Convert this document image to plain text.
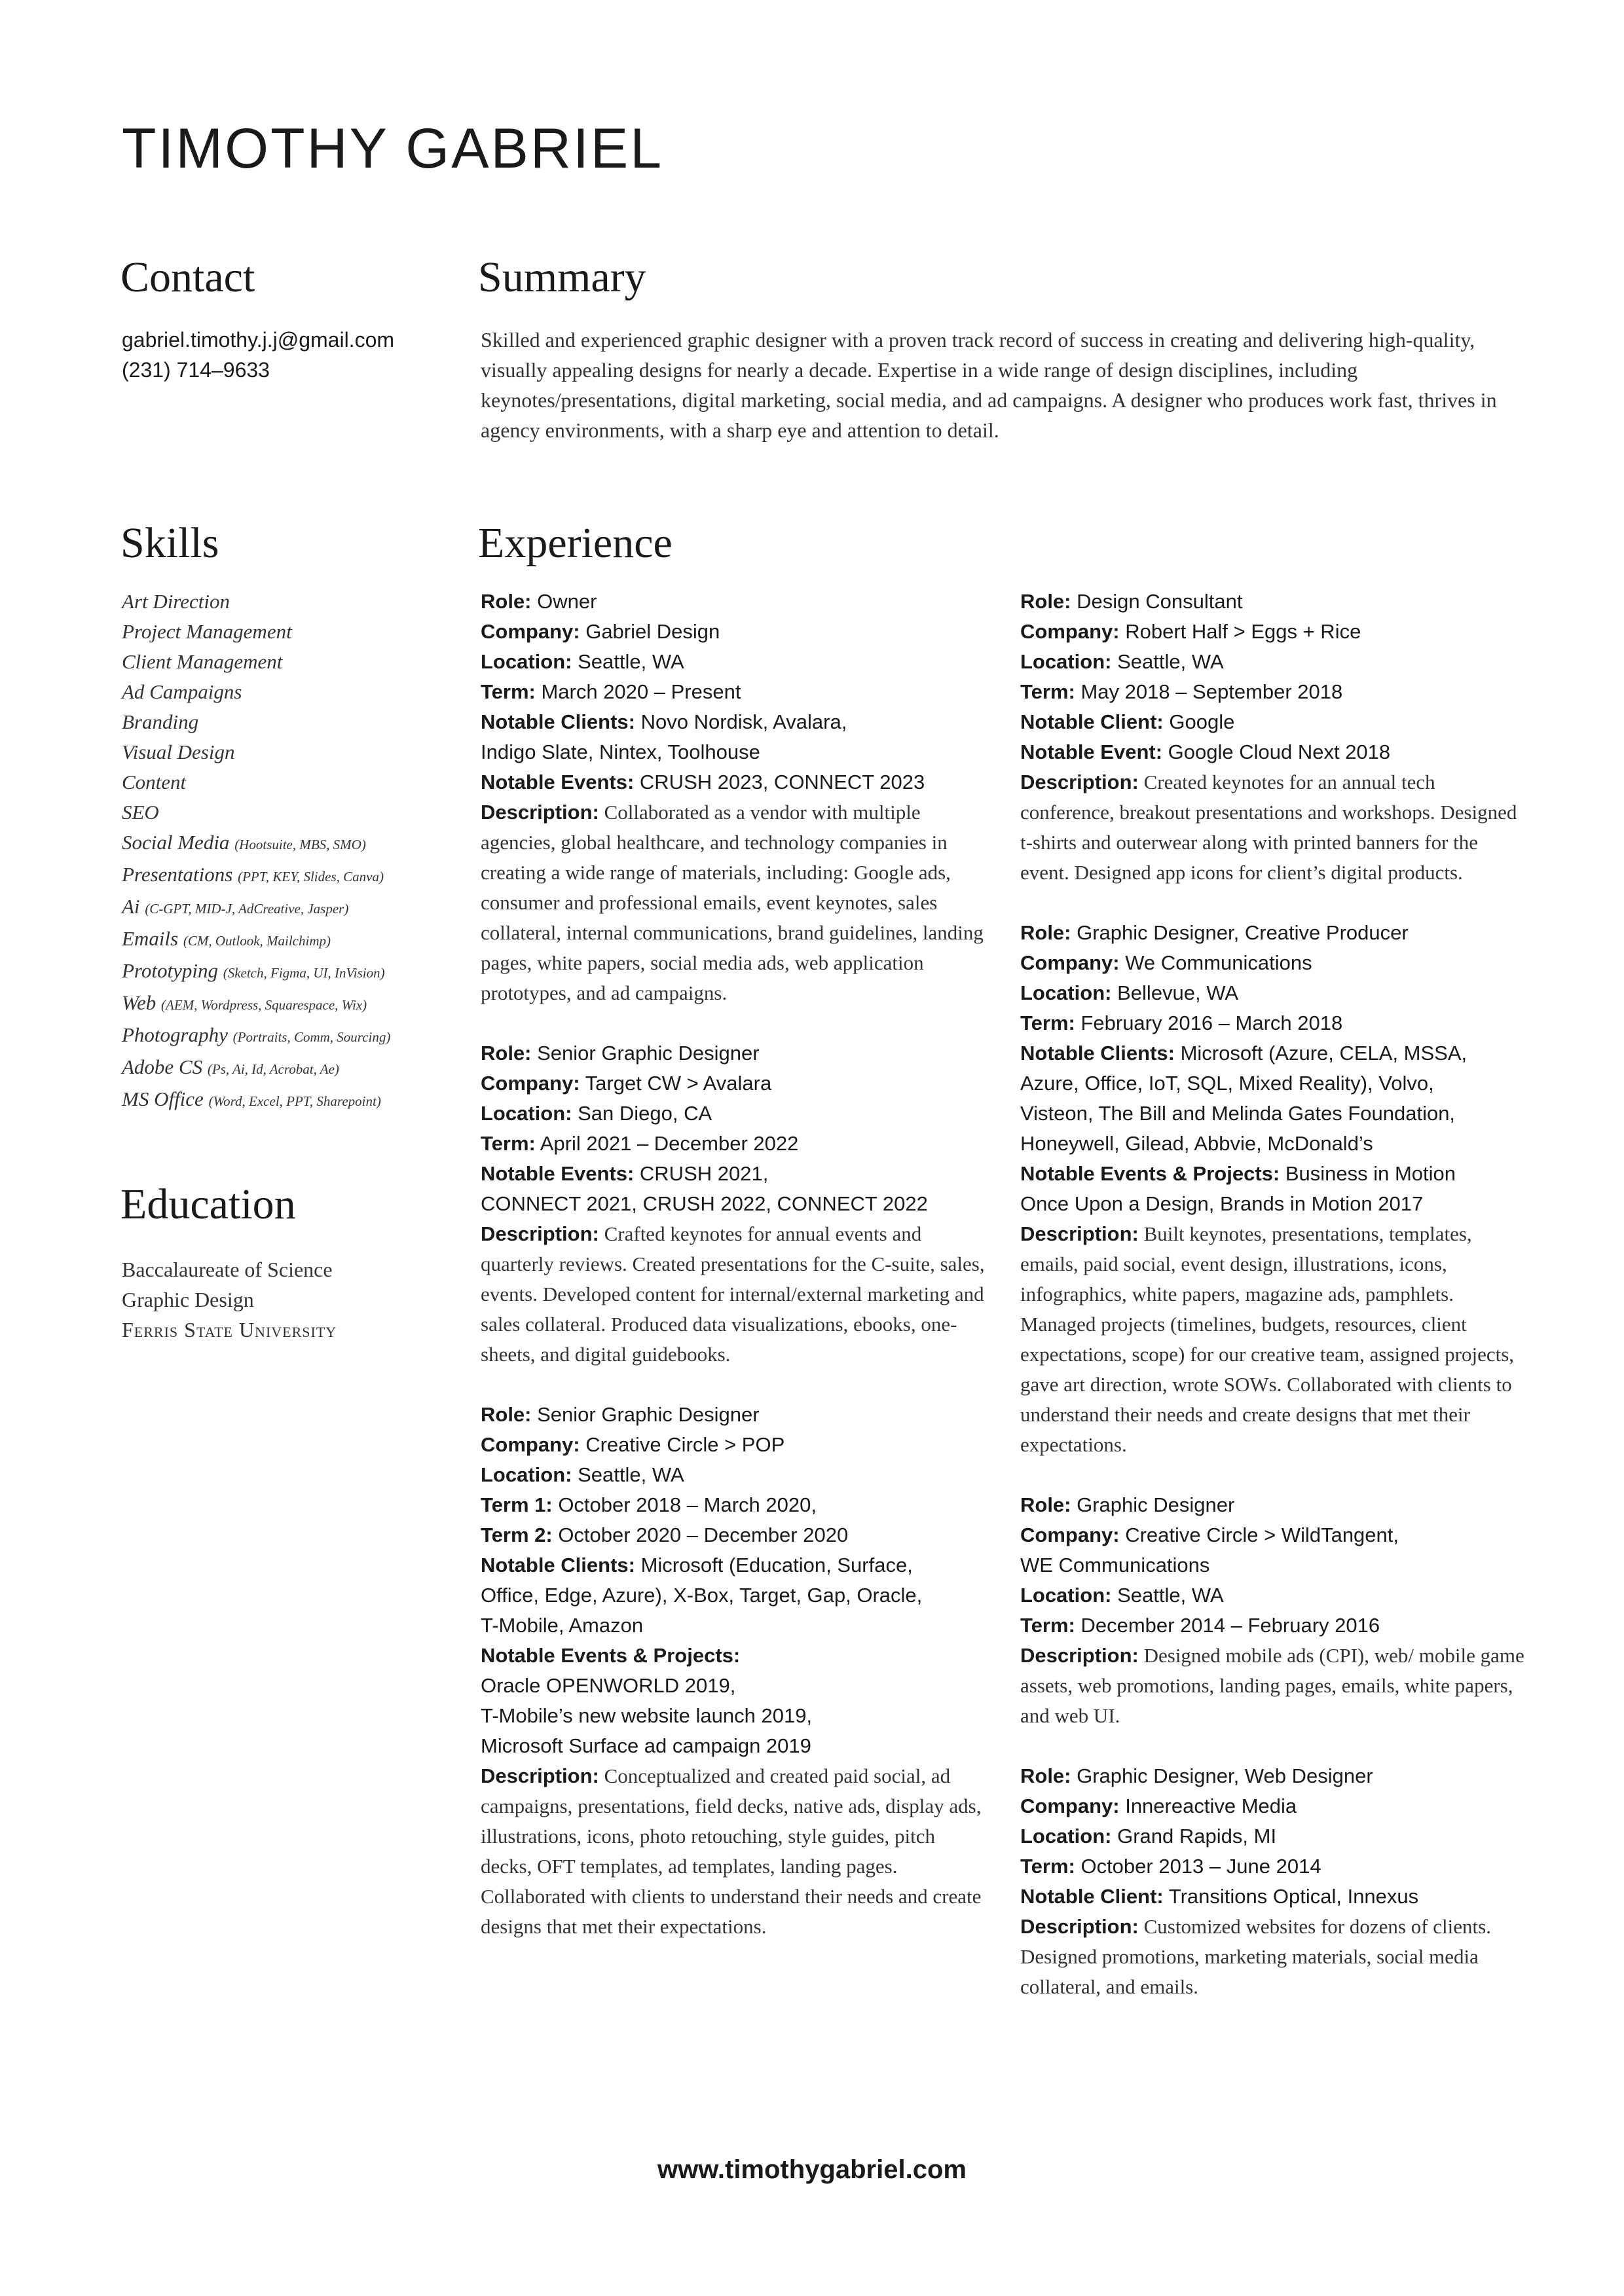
TIMOTHY GABRIEL
Contact
gabriel.timothy.j.j@gmail.com
(231) 714–9633
Summary

Skilled and experienced graphic designer with a proven track record of success in creating and delivering high-quality, visually appealing designs for nearly a decade. Expertise in a wide range of design disciplines, including keynotes/presentations, digital marketing, social media, and ad campaigns. A designer who produces work fast, thrives in agency environments, with a sharp eye and attention to detail.

Skills
Art Direction
Project Management
Client Management
Ad Campaigns
Branding
Visual Design
Content
SEO
Social Media (Hootsuite, MBS, SMO)
Presentations (PPT, KEY, Slides, Canva)
Ai (C-GPT, MID-J, AdCreative, Jasper)
Emails (CM, Outlook, Mailchimp)
Prototyping (Sketch, Figma, UI, InVision)
Web (AEM, Wordpress, Squarespace, Wix)
Photography (Portraits, Comm, Sourcing)
Adobe CS (Ps, Ai, Id, Acrobat, Ae)
MS Office (Word, Excel, PPT, Sharepoint)
Education
Baccalaureate of Science
Graphic Design
Ferris State University
Experience
Role: Owner
Company: Gabriel Design
Location: Seattle, WA
Term: March 2020 – Present
Notable Clients: Novo Nordisk, Avalara,
Indigo Slate, Nintex, Toolhouse
Notable Events: CRUSH 2023, CONNECT 2023
Description: Collaborated as a vendor with multiple agencies, global healthcare, and technology companies in creating a wide range of materials, including: Google ads, consumer and professional emails, event keynotes, sales collateral, internal communications, brand guidelines, landing pages, white papers, social media ads, web application prototypes, and ad campaigns.
Role: Senior Graphic Designer
Company: Target CW > Avalara
Location: San Diego, CA
Term: April 2021 – December 2022
Notable Events: CRUSH 2021,
CONNECT 2021, CRUSH 2022, CONNECT 2022
Description: Crafted keynotes for annual events and quarterly reviews. Created presentations for the C-suite, sales, events. Developed content for internal/external marketing and sales collateral. Produced data visualizations, ebooks, one-sheets, and digital guidebooks.
Role: Senior Graphic Designer
Company: Creative Circle > POP
Location: Seattle, WA
Term 1: October 2018 – March 2020,
Term 2: October 2020 – December 2020
Notable Clients: Microsoft (Education, Surface,
Office, Edge, Azure), X-Box, Target, Gap, Oracle,
T-Mobile, Amazon
Notable Events & Projects:
Oracle OPENWORLD 2019,
T-Mobile’s new website launch 2019,
Microsoft Surface ad campaign 2019
Description: Conceptualized and created paid social, ad campaigns, presentations, field decks, native ads, display ads, illustrations, icons, photo retouching, style guides, pitch decks, OFT templates, ad templates, landing pages. Collaborated with clients to understand their needs and create designs that met their expectations.
Role: Design Consultant
Company: Robert Half > Eggs + Rice
Location: Seattle, WA
Term: May 2018 – September 2018
Notable Client: Google
Notable Event: Google Cloud Next 2018
Description: Created keynotes for an annual tech conference, breakout presentations and workshops. Designed t-shirts and outerwear along with printed banners for the event. Designed app icons for client’s digital products.
Role: Graphic Designer, Creative Producer
Company: We Communications
Location: Bellevue, WA
Term: February 2016 – March 2018
Notable Clients: Microsoft (Azure, CELA, MSSA,
Azure, Office, IoT, SQL, Mixed Reality), Volvo,
Visteon, The Bill and Melinda Gates Foundation,
Honeywell, Gilead, Abbvie, McDonald’s
Notable Events & Projects: Business in Motion
Once Upon a Design, Brands in Motion 2017
Description: Built keynotes, presentations, templates, emails, paid social, event design, illustrations, icons, infographics, white papers, magazine ads, pamphlets. Managed projects (timelines, budgets, resources, client expectations, scope) for our creative team, assigned projects, gave art direction, wrote SOWs. Collaborated with clients to understand their needs and create designs that met their expectations.
Role: Graphic Designer
Company: Creative Circle > WildTangent,
WE Communications
Location: Seattle, WA
Term: December 2014 – February 2016
Description: Designed mobile ads (CPI), web/ mobile game assets, web promotions, landing pages, emails, white papers, and web UI.
Role: Graphic Designer, Web Designer
Company: Innereactive Media
Location: Grand Rapids, MI
Term: October 2013 – June 2014
Notable Client: Transitions Optical, Innexus
Description: Customized websites for dozens of clients. Designed promotions, marketing materials, social media collateral, and emails.
www.timothygabriel.com
